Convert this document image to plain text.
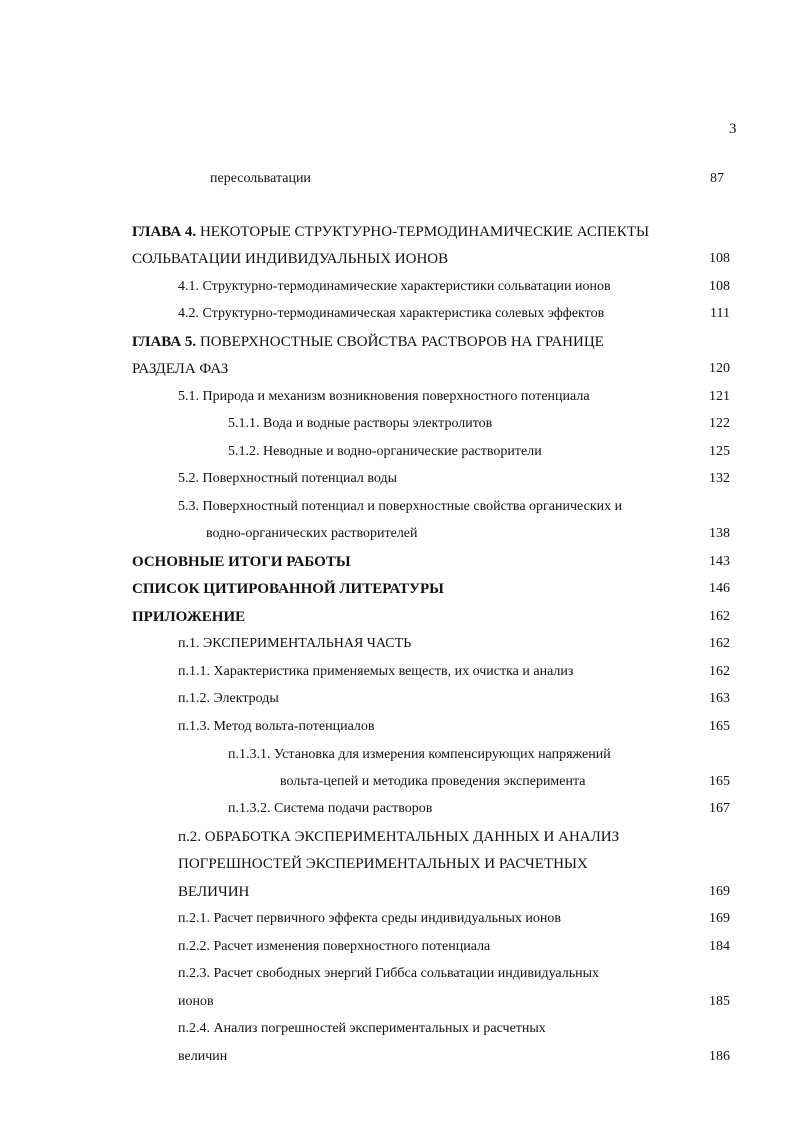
3
пересольватации	87
ГЛАВА 4. НЕКОТОРЫЕ СТРУКТУРНО-ТЕРМОДИНАМИЧЕСКИЕ АСПЕКТЫ
СОЛЬВАТАЦИИ ИНДИВИДУАЛЬНЫХ ИОНОВ	108
4.1. Структурно-термодинамические характеристики сольватации ионов	108
4.2. Структурно-термодинамическая характеристика солевых эффектов	111
ГЛАВА 5. ПОВЕРХНОСТНЫЕ СВОЙСТВА РАСТВОРОВ НА ГРАНИЦЕ
РАЗДЕЛА ФАЗ	120
5.1. Природа и механизм возникновения поверхностного потенциала	121
5.1.1. Вода и водные растворы электролитов	122
5.1.2. Неводные и водно-органические растворители	125
5.2. Поверхностный потенциал воды	132
5.3. Поверхностный потенциал и поверхностные свойства органических и
водно-органических растворителей	138
ОСНОВНЫЕ ИТОГИ РАБОТЫ	143
СПИСОК ЦИТИРОВАННОЙ ЛИТЕРАТУРЫ	146
ПРИЛОЖЕНИЕ	162
п.1. ЭКСПЕРИМЕНТАЛЬНАЯ ЧАСТЬ	162
п.1.1. Характеристика применяемых веществ, их очистка и анализ	162
п.1.2. Электроды	163
п.1.3. Метод вольта-потенциалов	165
п.1.3.1. Установка для измерения компенсирующих напряжений
вольта-цепей и методика проведения эксперимента	165
п.1.3.2. Система подачи растворов	167
п.2. ОБРАБОТКА ЭКСПЕРИМЕНТАЛЬНЫХ ДАННЫХ И АНАЛИЗ
ПОГРЕШНОСТЕЙ ЭКСПЕРИМЕНТАЛЬНЫХ И РАСЧЕТНЫХ
ВЕЛИЧИН	169
п.2.1. Расчет первичного эффекта среды индивидуальных ионов	169
п.2.2. Расчет изменения поверхностного потенциала	184
п.2.3. Расчет свободных энергий Гиббса сольватации индивидуальных
ионов	185
п.2.4. Анализ погрешностей экспериментальных и расчетных
величин	186
